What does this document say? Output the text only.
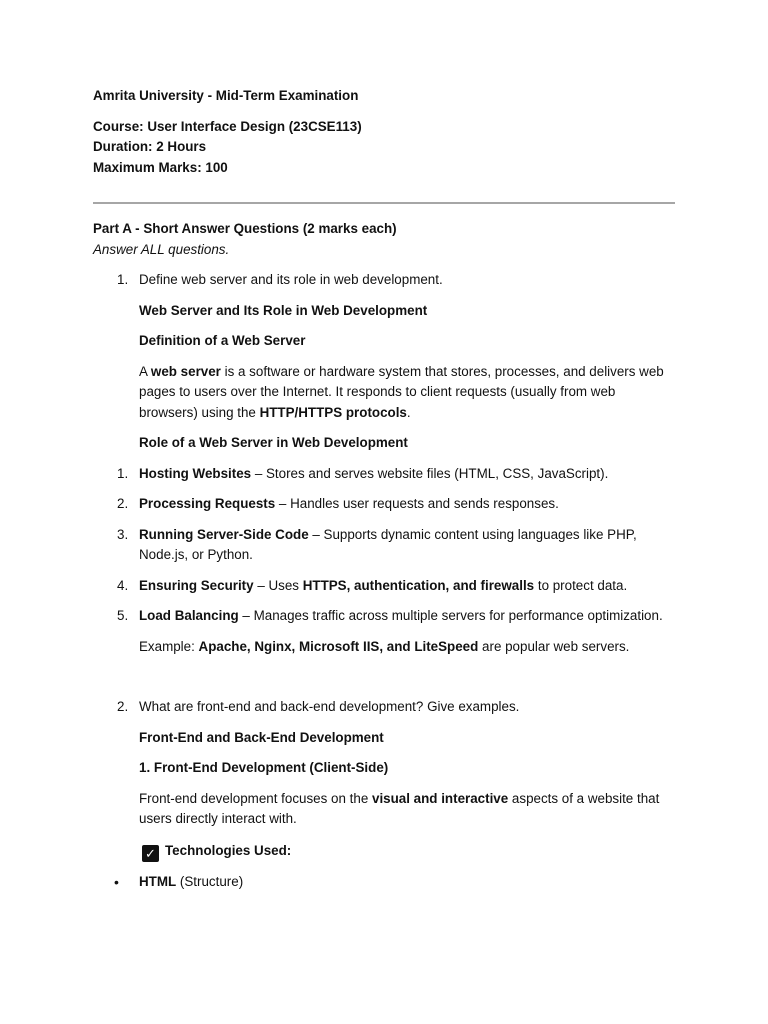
Amrita University - Mid-Term Examination

Course: User Interface Design (23CSE113)

Duration: 2 Hours

Maximum Marks: 100

Part A - Short Answer Questions (2 marks each)

Answer ALL questions.

1. Define web server and its role in web development.

Web Server and Its Role in Web Development

Definition of a Web Server

A web server is a software or hardware system that stores, processes, and delivers web pages to users over the Internet. It responds to client requests (usually from web browsers) using the HTTP/HTTPS protocols.

Role of a Web Server in Web Development

1. Hosting Websites – Stores and serves website files (HTML, CSS, JavaScript).
2. Processing Requests – Handles user requests and sends responses.
3. Running Server-Side Code – Supports dynamic content using languages like PHP, Node.js, or Python.
4. Ensuring Security – Uses HTTPS, authentication, and firewalls to protect data.
5. Load Balancing – Manages traffic across multiple servers for performance optimization.

Example: Apache, Nginx, Microsoft IIS, and LiteSpeed are popular web servers.

2. What are front-end and back-end development? Give examples.

Front-End and Back-End Development

1. Front-End Development (Client-Side)

Front-end development focuses on the visual and interactive aspects of a website that users directly interact with.

✓ Technologies Used:

• HTML (Structure)
